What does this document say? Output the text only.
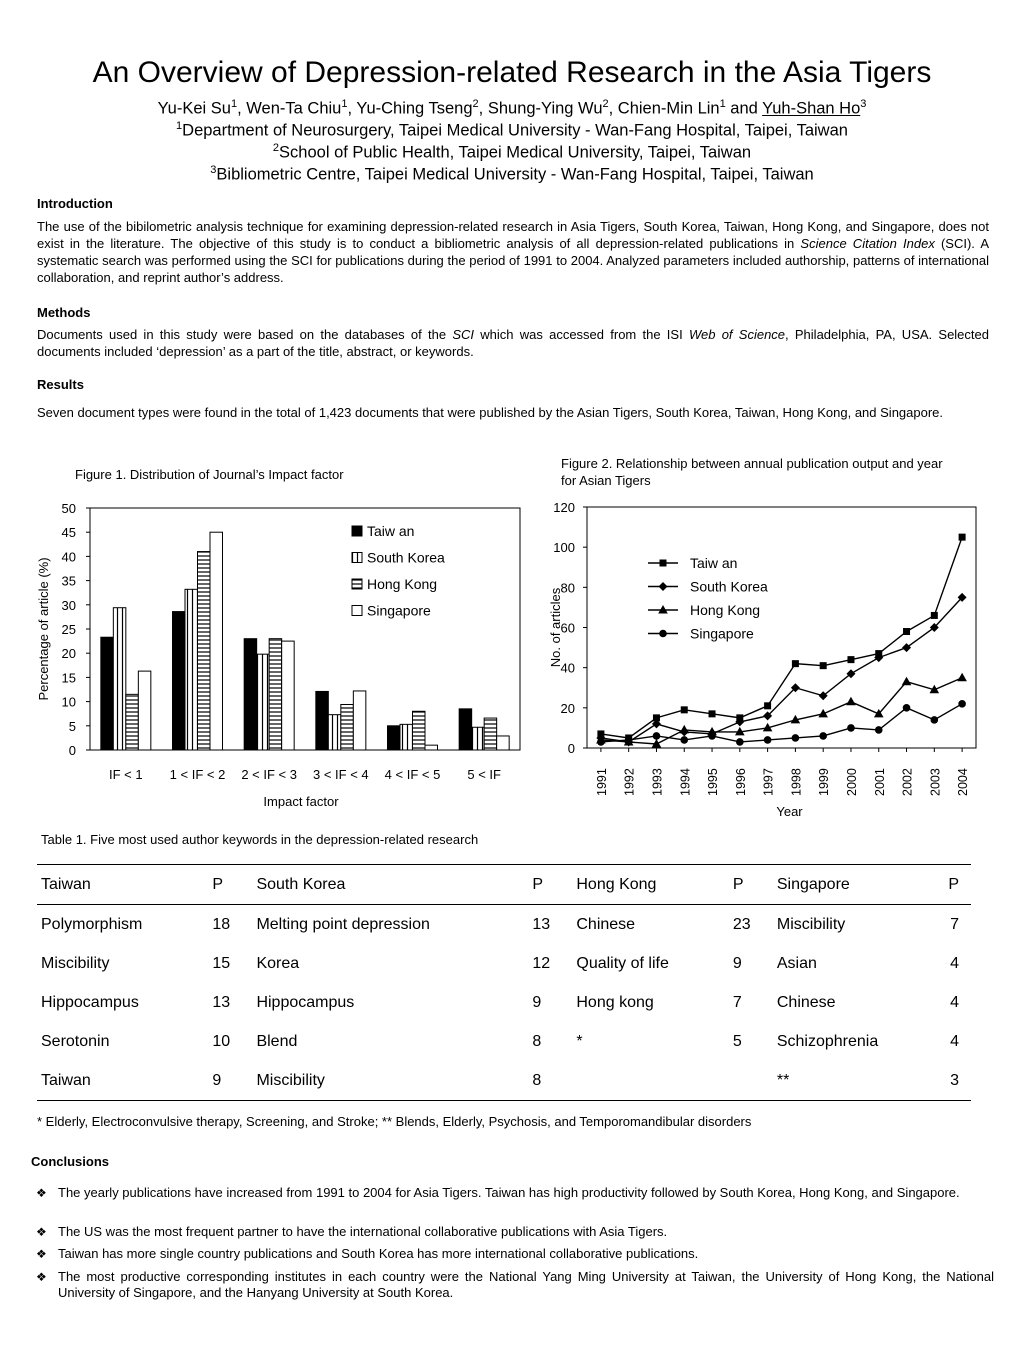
An Overview of Depression-related Research in the Asia Tigers
Yu-Kei Su$^1$, Wen-Ta Chiu$^1$, Yu-Ching Tseng$^2$, Shung-Ying Wu$^2$, Chien-Min Lin$^1$ and Yuh-Shan Ho$^3$
$^1$Department of Neurosurgery, Taipei Medical University - Wan-Fang Hospital, Taipei, Taiwan
$^2$School of Public Health, Taipei Medical University, Taipei, Taiwan
$^3$Bibliometric Centre, Taipei Medical University - Wan-Fang Hospital, Taipei, Taiwan
Introduction
The use of the bibilometric analysis technique for examining depression-related research in Asia Tigers, South Korea, Taiwan, Hong Kong, and Singapore, does not exist in the literature. The objective of this study is to conduct a bibliometric analysis of all depression-related publications in Science Citation Index (SCI). A systematic search was performed using the SCI for publications during the period of 1991 to 2004. Analyzed parameters included authorship, patterns of international collaboration, and reprint author’s address.
Methods
Documents used in this study were based on the databases of the SCI which was accessed from the ISI Web of Science, Philadelphia, PA, USA. Selected documents included ‘depression’ as a part of the title, abstract, or keywords.
Results
Seven document types were found in the total of 1,423 documents that were published by the Asian Tigers, South Korea, Taiwan, Hong Kong, and Singapore.
Figure 1. Distribution of Journal’s Impact factor
0
5
10
15
20
25
30
35
40
45
50
IF < 1 1 < IF < 2 2 < IF < 3 3 < IF < 4 4 < IF < 5 5 < IF
Impact factor
Percentage of article (%)
Taiw an
South Korea
Hong Kong
Singapore
Figure 2. Relationship between annual publication output and year for Asian Tigers
0
20
40
60
80
100
120
1991 1992 1993 1994 1995 1996 1997 1998 1999 2000 2001 2002 2003 2004
Year
No. of articles
Taiw an
South Korea
Hong Kong
Singapore
Table 1. Five most used author keywords in the depression-related research
Taiwan	P	South Korea	P	Hong Kong	P	Singapore	P
Polymorphism	18	Melting point depression	13	Chinese	23	Miscibility	7
Miscibility	15	Korea	12	Quality of life	9	Asian	4
Hippocampus	13	Hippocampus	9	Hong kong	7	Chinese	4
Serotonin	10	Blend	8	*	5	Schizophrenia	4
Taiwan	9	Miscibility	8			**	3
* Elderly, Electroconvulsive therapy, Screening, and Stroke; ** Blends, Elderly, Psychosis, and Temporomandibular disorders
Conclusions
❖ The yearly publications have increased from 1991 to 2004 for Asia Tigers. Taiwan has high productivity followed by South Korea, Hong Kong, and Singapore.
❖ The US was the most frequent partner to have the international collaborative publications with Asia Tigers.
❖ Taiwan has more single country publications and South Korea has more international collaborative publications.
❖ The most productive corresponding institutes in each country were the National Yang Ming University at Taiwan, the University of Hong Kong, the National University of Singapore, and the Hanyang University at South Korea.
